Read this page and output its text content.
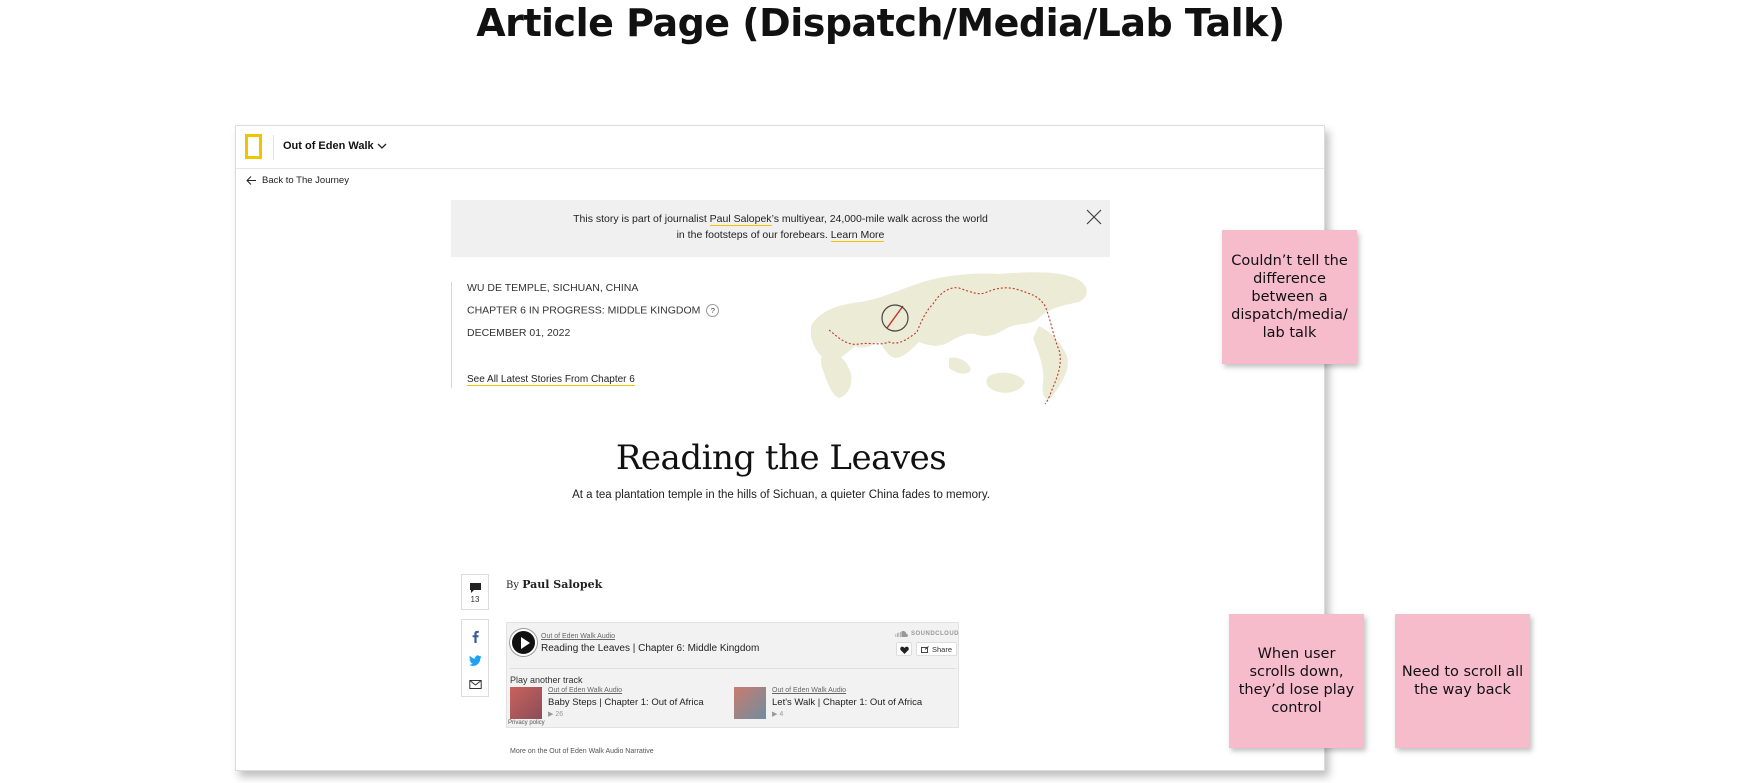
Article Page (Dispatch/Media/Lab Talk)
Out of Eden Walk
Back to The Journey
This story is part of journalist Paul Salopek’s multiyear, 24,000-mile walk across the world
in the footsteps of our forebears. Learn More
WU DE TEMPLE, SICHUAN, CHINA
CHAPTER 6 IN PROGRESS: MIDDLE KINGDOM ?
DECEMBER 01, 2022
See All Latest Stories From Chapter 6
Reading the Leaves
At a tea plantation temple in the hills of Sichuan, a quieter China fades to memory.
13
By Paul Salopek
Out of Eden Walk Audio
Reading the Leaves | Chapter 6: Middle Kingdom
SOUNDCLOUD
Share
Play another track
Out of Eden Walk Audio
Baby Steps | Chapter 1: Out of Africa
▶ 26
Out of Eden Walk Audio
Let's Walk | Chapter 1: Out of Africa
▶ 4
Privacy policy
More on the Out of Eden Walk Audio Narrative
Couldn’t tell the difference between a dispatch/media/ lab talk
When user scrolls down, they’d lose play control
Need to scroll all the way back
